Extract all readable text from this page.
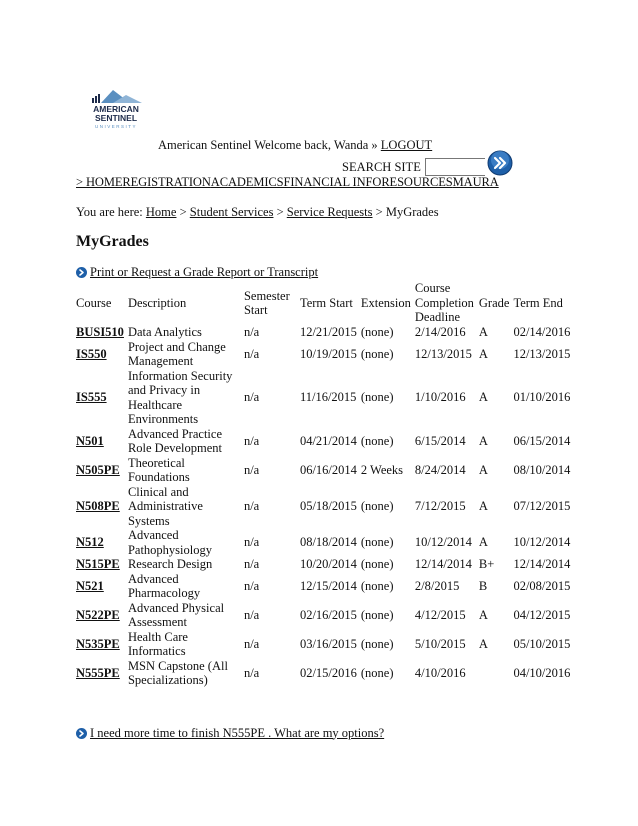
AMERICAN
SENTINEL
UNIVERSITY
American Sentinel Welcome back, Wanda » LOGOUT
SEARCH SITE
> HOMEREGISTRATIONACADEMICSFINANCIAL INFORESOURCESMAURA
You are here: Home > Student Services > Service Requests > MyGrades
MyGrades
Print or Request a Grade Report or Transcript
Course	Description	Semester Start	Term Start	Extension	Course Completion Deadline	Grade	Term End
BUSI510	Data Analytics	n/a	12/21/2015	(none)	2/14/2016	A	02/14/2016
IS550	Project and Change Management	n/a	10/19/2015	(none)	12/13/2015	A	12/13/2015
IS555	Information Security and Privacy in Healthcare Environments	n/a	11/16/2015	(none)	1/10/2016	A	01/10/2016
N501	Advanced Practice Role Development	n/a	04/21/2014	(none)	6/15/2014	A	06/15/2014
N505PE	Theoretical Foundations	n/a	06/16/2014	2 Weeks	8/24/2014	A	08/10/2014
N508PE	Clinical and Administrative Systems	n/a	05/18/2015	(none)	7/12/2015	A	07/12/2015
N512	Advanced Pathophysiology	n/a	08/18/2014	(none)	10/12/2014	A	10/12/2014
N515PE	Research Design	n/a	10/20/2014	(none)	12/14/2014	B+	12/14/2014
N521	Advanced Pharmacology	n/a	12/15/2014	(none)	2/8/2015	B	02/08/2015
N522PE	Advanced Physical Assessment	n/a	02/16/2015	(none)	4/12/2015	A	04/12/2015
N535PE	Health Care Informatics	n/a	03/16/2015	(none)	5/10/2015	A	05/10/2015
N555PE	MSN Capstone (All Specializations)	n/a	02/15/2016	(none)	4/10/2016		04/10/2016
I need more time to finish N555PE . What are my options?
